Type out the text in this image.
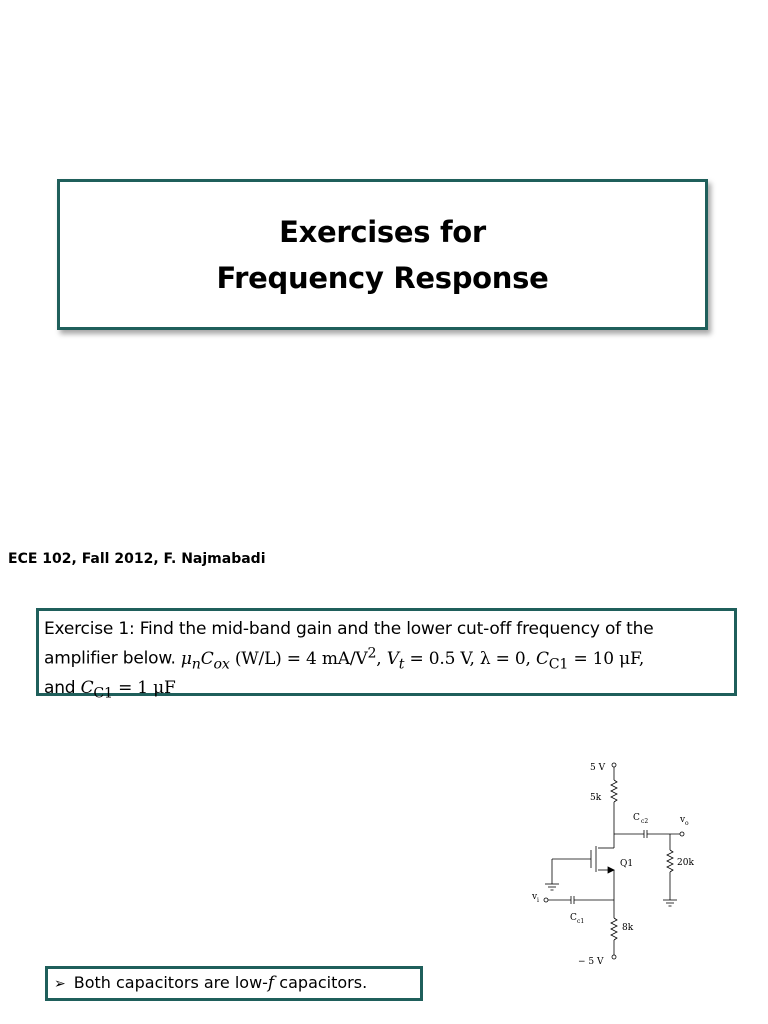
Exercises for
Frequency Response
ECE 102, Fall 2012, F. Najmabadi
Exercise 1: Find the mid-band gain and the lower cut-off frequency of the
amplifier below. $\mu_nC_{ox}$ (W/L) = 4 $mA/V^2$, $V_t = 0.5$ V, λ = 0, $C_{C1} = 10$ μF,
and $C_{C1} = 1$ μF
5 V
5k
C c2	v o
Q1	20k
v i
C c1
8k
− 5 V
➢ Both capacitors are low-f capacitors.
